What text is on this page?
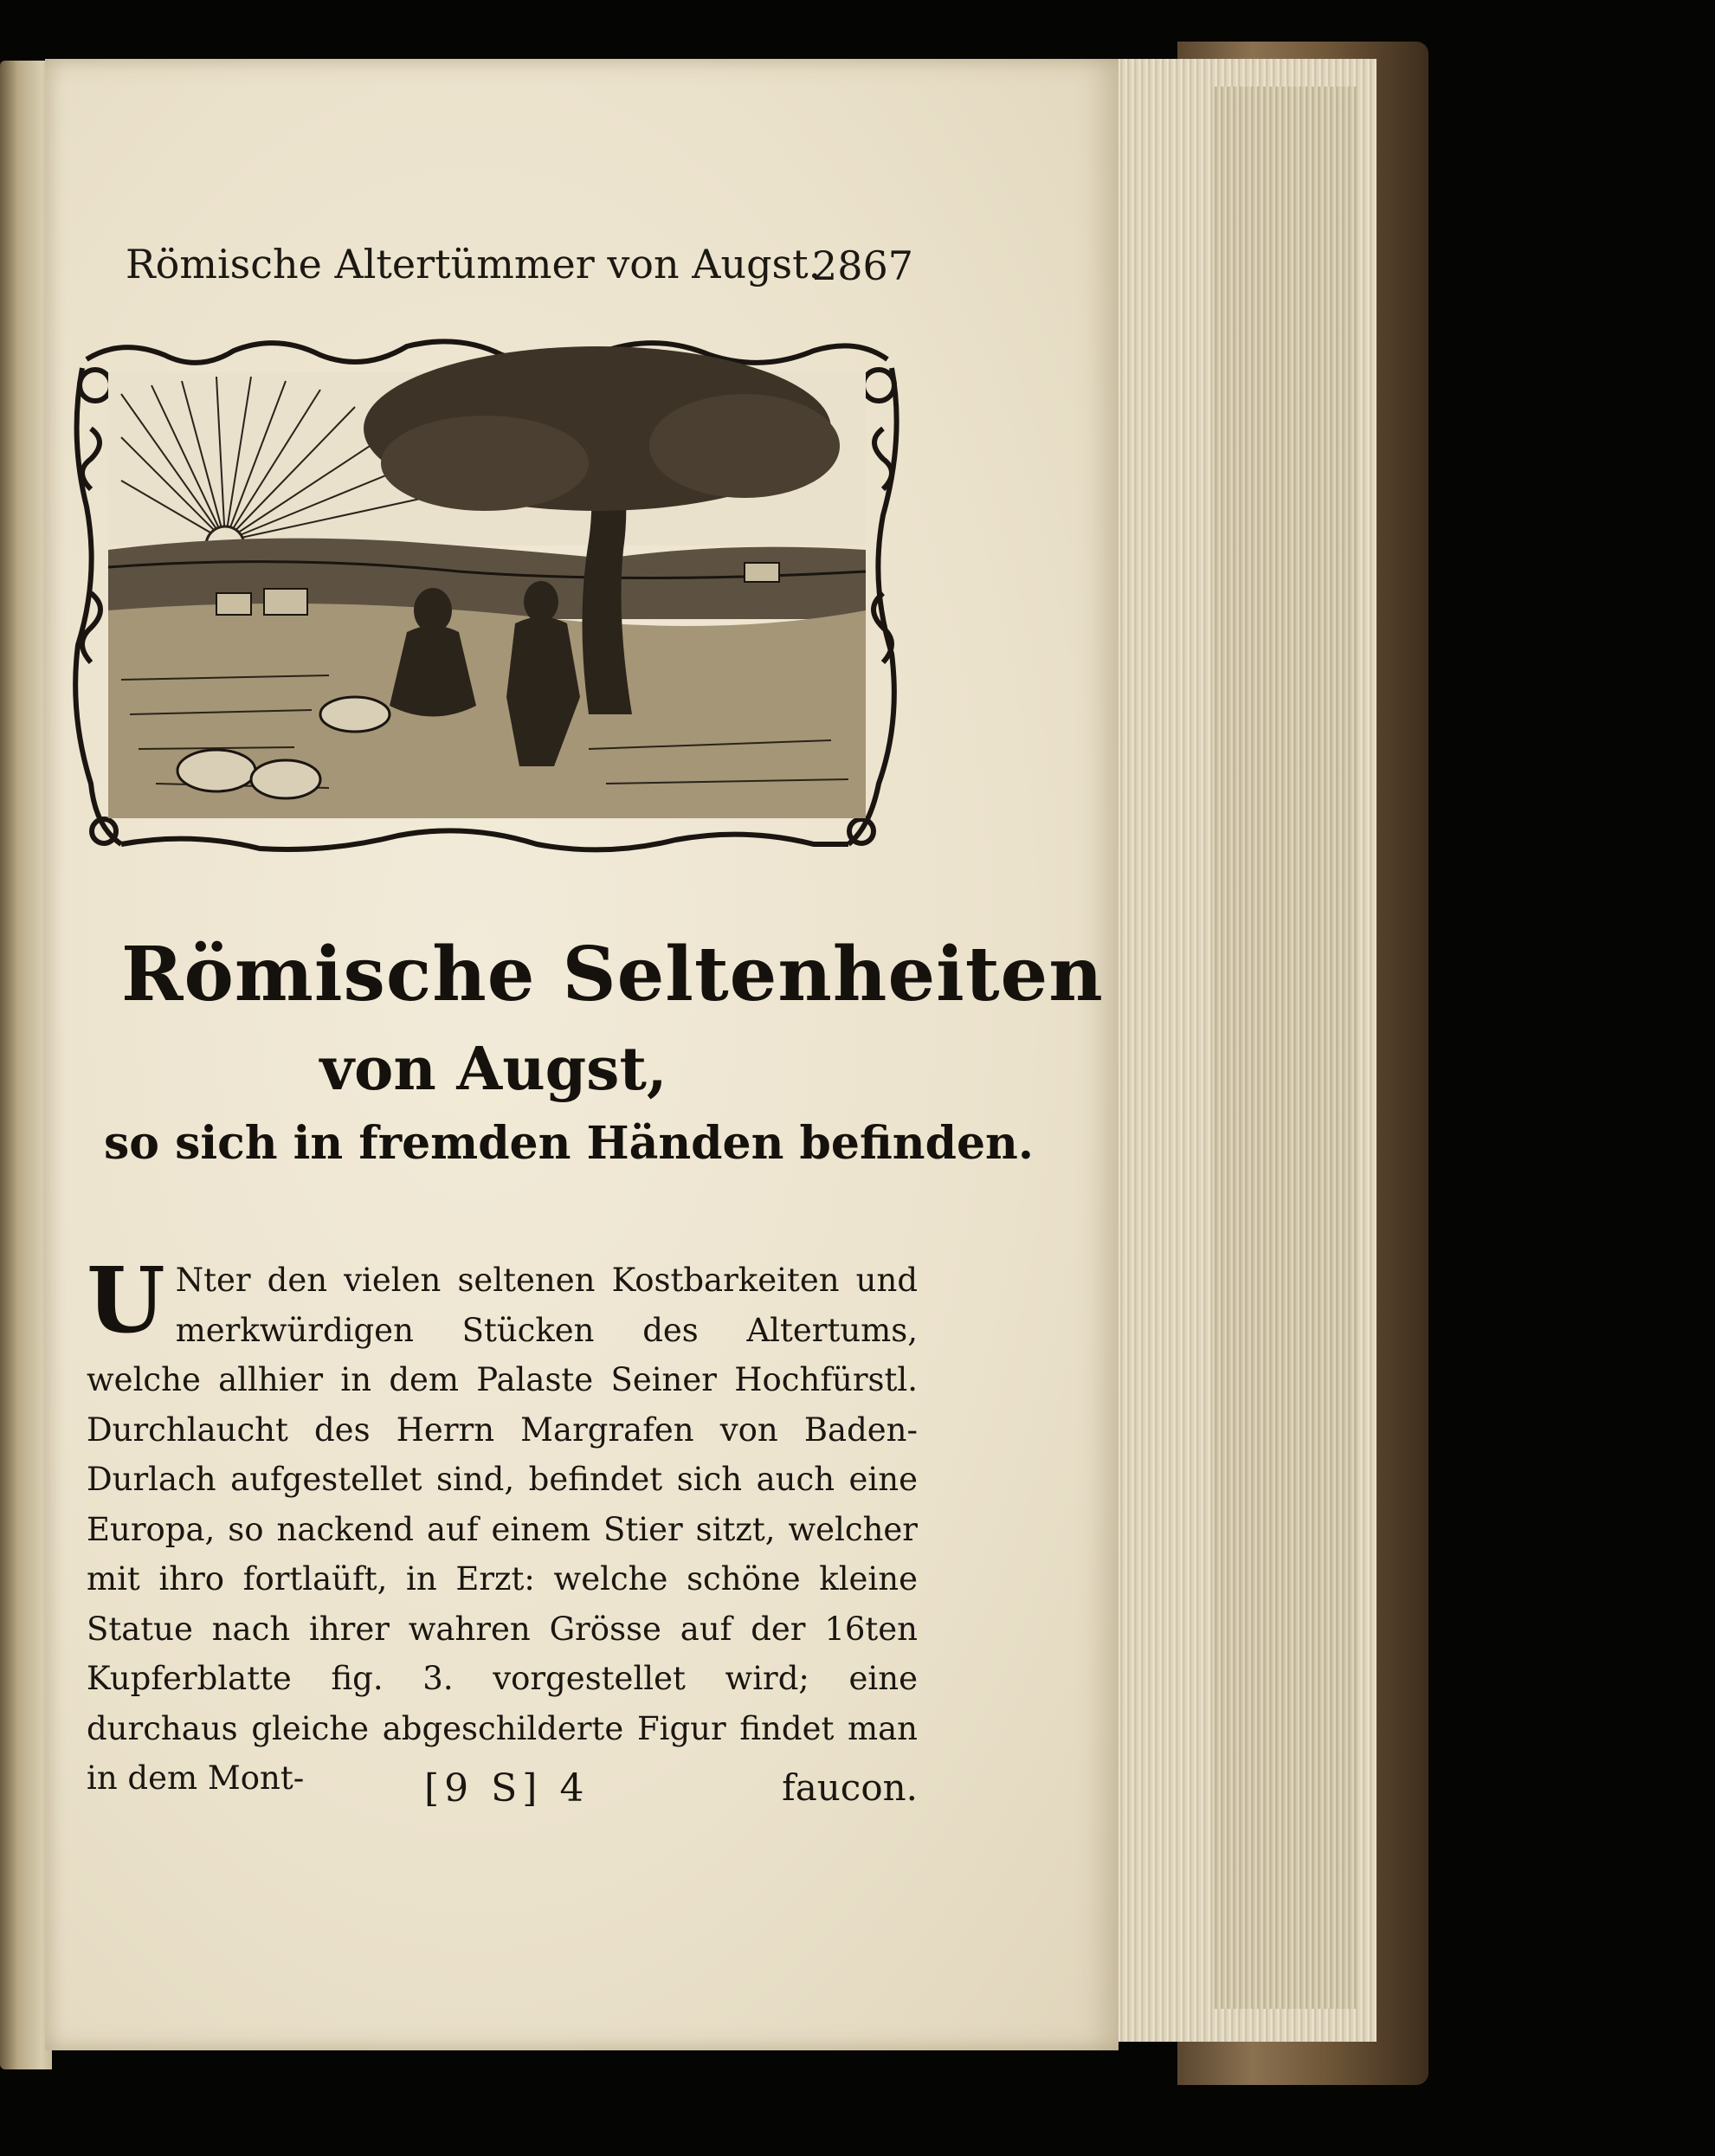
Römische Altertümmer von Augst.
2867
Römische Seltenheiten
von Augst,
so sich in fremden Händen befinden.
U Nter den vielen seltenen Kostbarkeiten und merkwürdigen Stücken des Altertums, welche allhier in dem Palaste Seiner Hochfürstl. Durchlaucht des Herrn Margrafen von Baden-Durlach aufgestellet sind, befindet sich auch eine Europa, so nackend auf einem Stier sitzt, welcher mit ihro fortlaüft, in Erzt: welche schöne kleine Statue nach ihrer wahren Grösse auf der 16ten Kupferblatte fig. 3. vorgestellet wird; eine durchaus gleiche abgeschilderte Figur findet man in dem Mont-	[9 S] 4	faucon.
